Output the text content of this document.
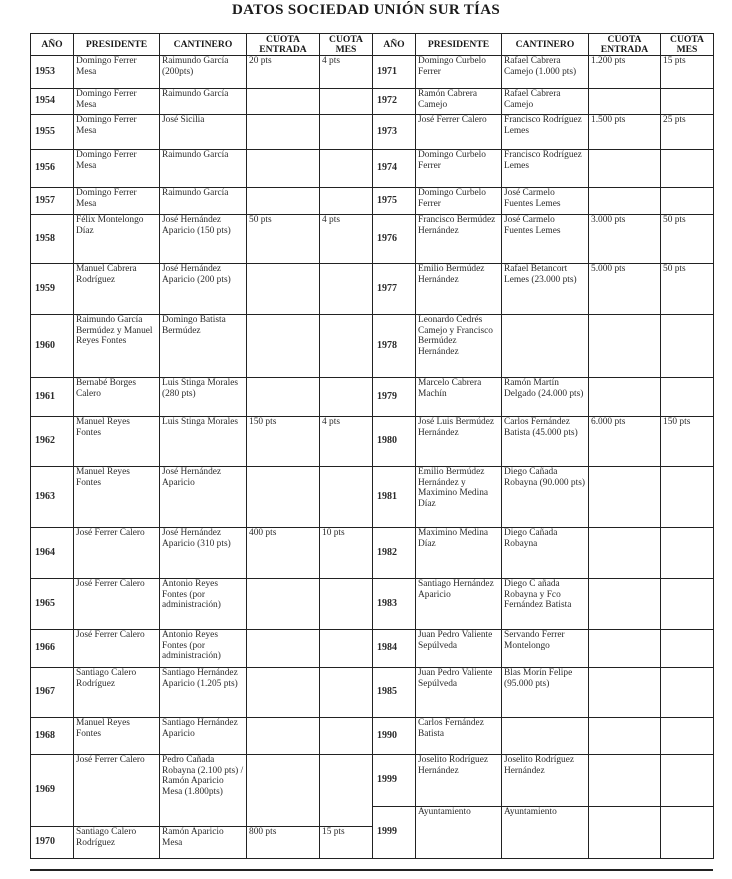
DATOS SOCIEDAD UNIÓN SUR TÍAS
AÑO	PRESIDENTE	CANTINERO	CUOTA ENTRADA	CUOTA MES
1953	Domingo Ferrer Mesa	Raimundo García (200pts)	20 pts	4 pts
1954	Domingo Ferrer Mesa	Raimundo García		
1955	Domingo Ferrer Mesa	José Sicilia		
1956	Domingo Ferrer Mesa	Raimundo García		
1957	Domingo Ferrer Mesa	Raimundo García		
1958	Félix Montelongo Díaz	José Hernández Aparicio (150 pts)	50 pts	4 pts
1959	Manuel Cabrera Rodríguez	José Hernández Aparicio (200 pts)		
1960	Raimundo García Bermúdez y Manuel Reyes Fontes	Domingo Batista Bermúdez		
1961	Bernabé Borges Calero	Luis Stinga Morales (280 pts)		
1962	Manuel Reyes Fontes	Luis Stinga Morales	150 pts	4 pts
1963	Manuel Reyes Fontes	José Hernández Aparicio		
1964	José Ferrer Calero	José Hernández Aparicio (310 pts)	400 pts	10 pts
1965	José Ferrer Calero	Antonio Reyes Fontes (por administración)		
1966	José Ferrer Calero	Antonio Reyes Fontes (por administración)		
1967	Santiago Calero Rodríguez	Santiago Hernández Aparicio (1.205 pts)		
1968	Manuel Reyes Fontes	Santiago Hernández Aparicio		
1969	José Ferrer Calero	Pedro Cañada Robayna (2.100 pts) / Ramón Aparicio Mesa (1.800pts)		
1970	Santiago Calero Rodríguez	Ramón Aparicio Mesa	800 pts	15 pts
AÑO	PRESIDENTE	CANTINERO	CUOTA ENTRADA	CUOTA MES
1971	Domingo Curbelo Ferrer	Rafael Cabrera Camejo (1.000 pts)	1.200 pts	15 pts
1972	Ramón Cabrera Camejo	Rafael Cabrera Camejo		
1973	José Ferrer Calero	Francisco Rodríguez Lemes	1.500 pts	25 pts
1974	Domingo Curbelo Ferrer	Francisco Rodríguez Lemes		
1975	Domingo Curbelo Ferrer	José Carmelo Fuentes Lemes		
1976	Francisco Bermúdez Hernández	José Carmelo Fuentes Lemes	3.000 pts	50 pts
1977	Emilio Bermúdez Hernández	Rafael Betancort Lemes (23.000 pts)	5.000 pts	50 pts
1978	Leonardo Cedrés Camejo y Francisco Bermúdez Hernández			
1979	Marcelo Cabrera Machín	Ramón Martín Delgado (24.000 pts)		
1980	José Luis Bermúdez Hernández	Carlos Fernández Batista (45.000 pts)	6.000 pts	150 pts
1981	Emilio Bermúdez Hernández y Maximino Medina Díaz	Diego Cañada Robayna (90.000 pts)		
1982	Maximino Medina Díaz	Diego Cañada Robayna		
1983	Santiago Hernández Aparicio	Diego C añada Robayna y Fco Fernández Batista		
1984	Juan Pedro Valiente Sepúlveda	Servando Ferrer Montelongo		
1985	Juan Pedro Valiente Sepúlveda	Blas Morín Felipe (95.000 pts)		
1990	Carlos Fernández Batista			
1999	Joselito Rodríguez Hernández	Joselito Rodríguez Hernández		
1999	Ayuntamiento	Ayuntamiento		
